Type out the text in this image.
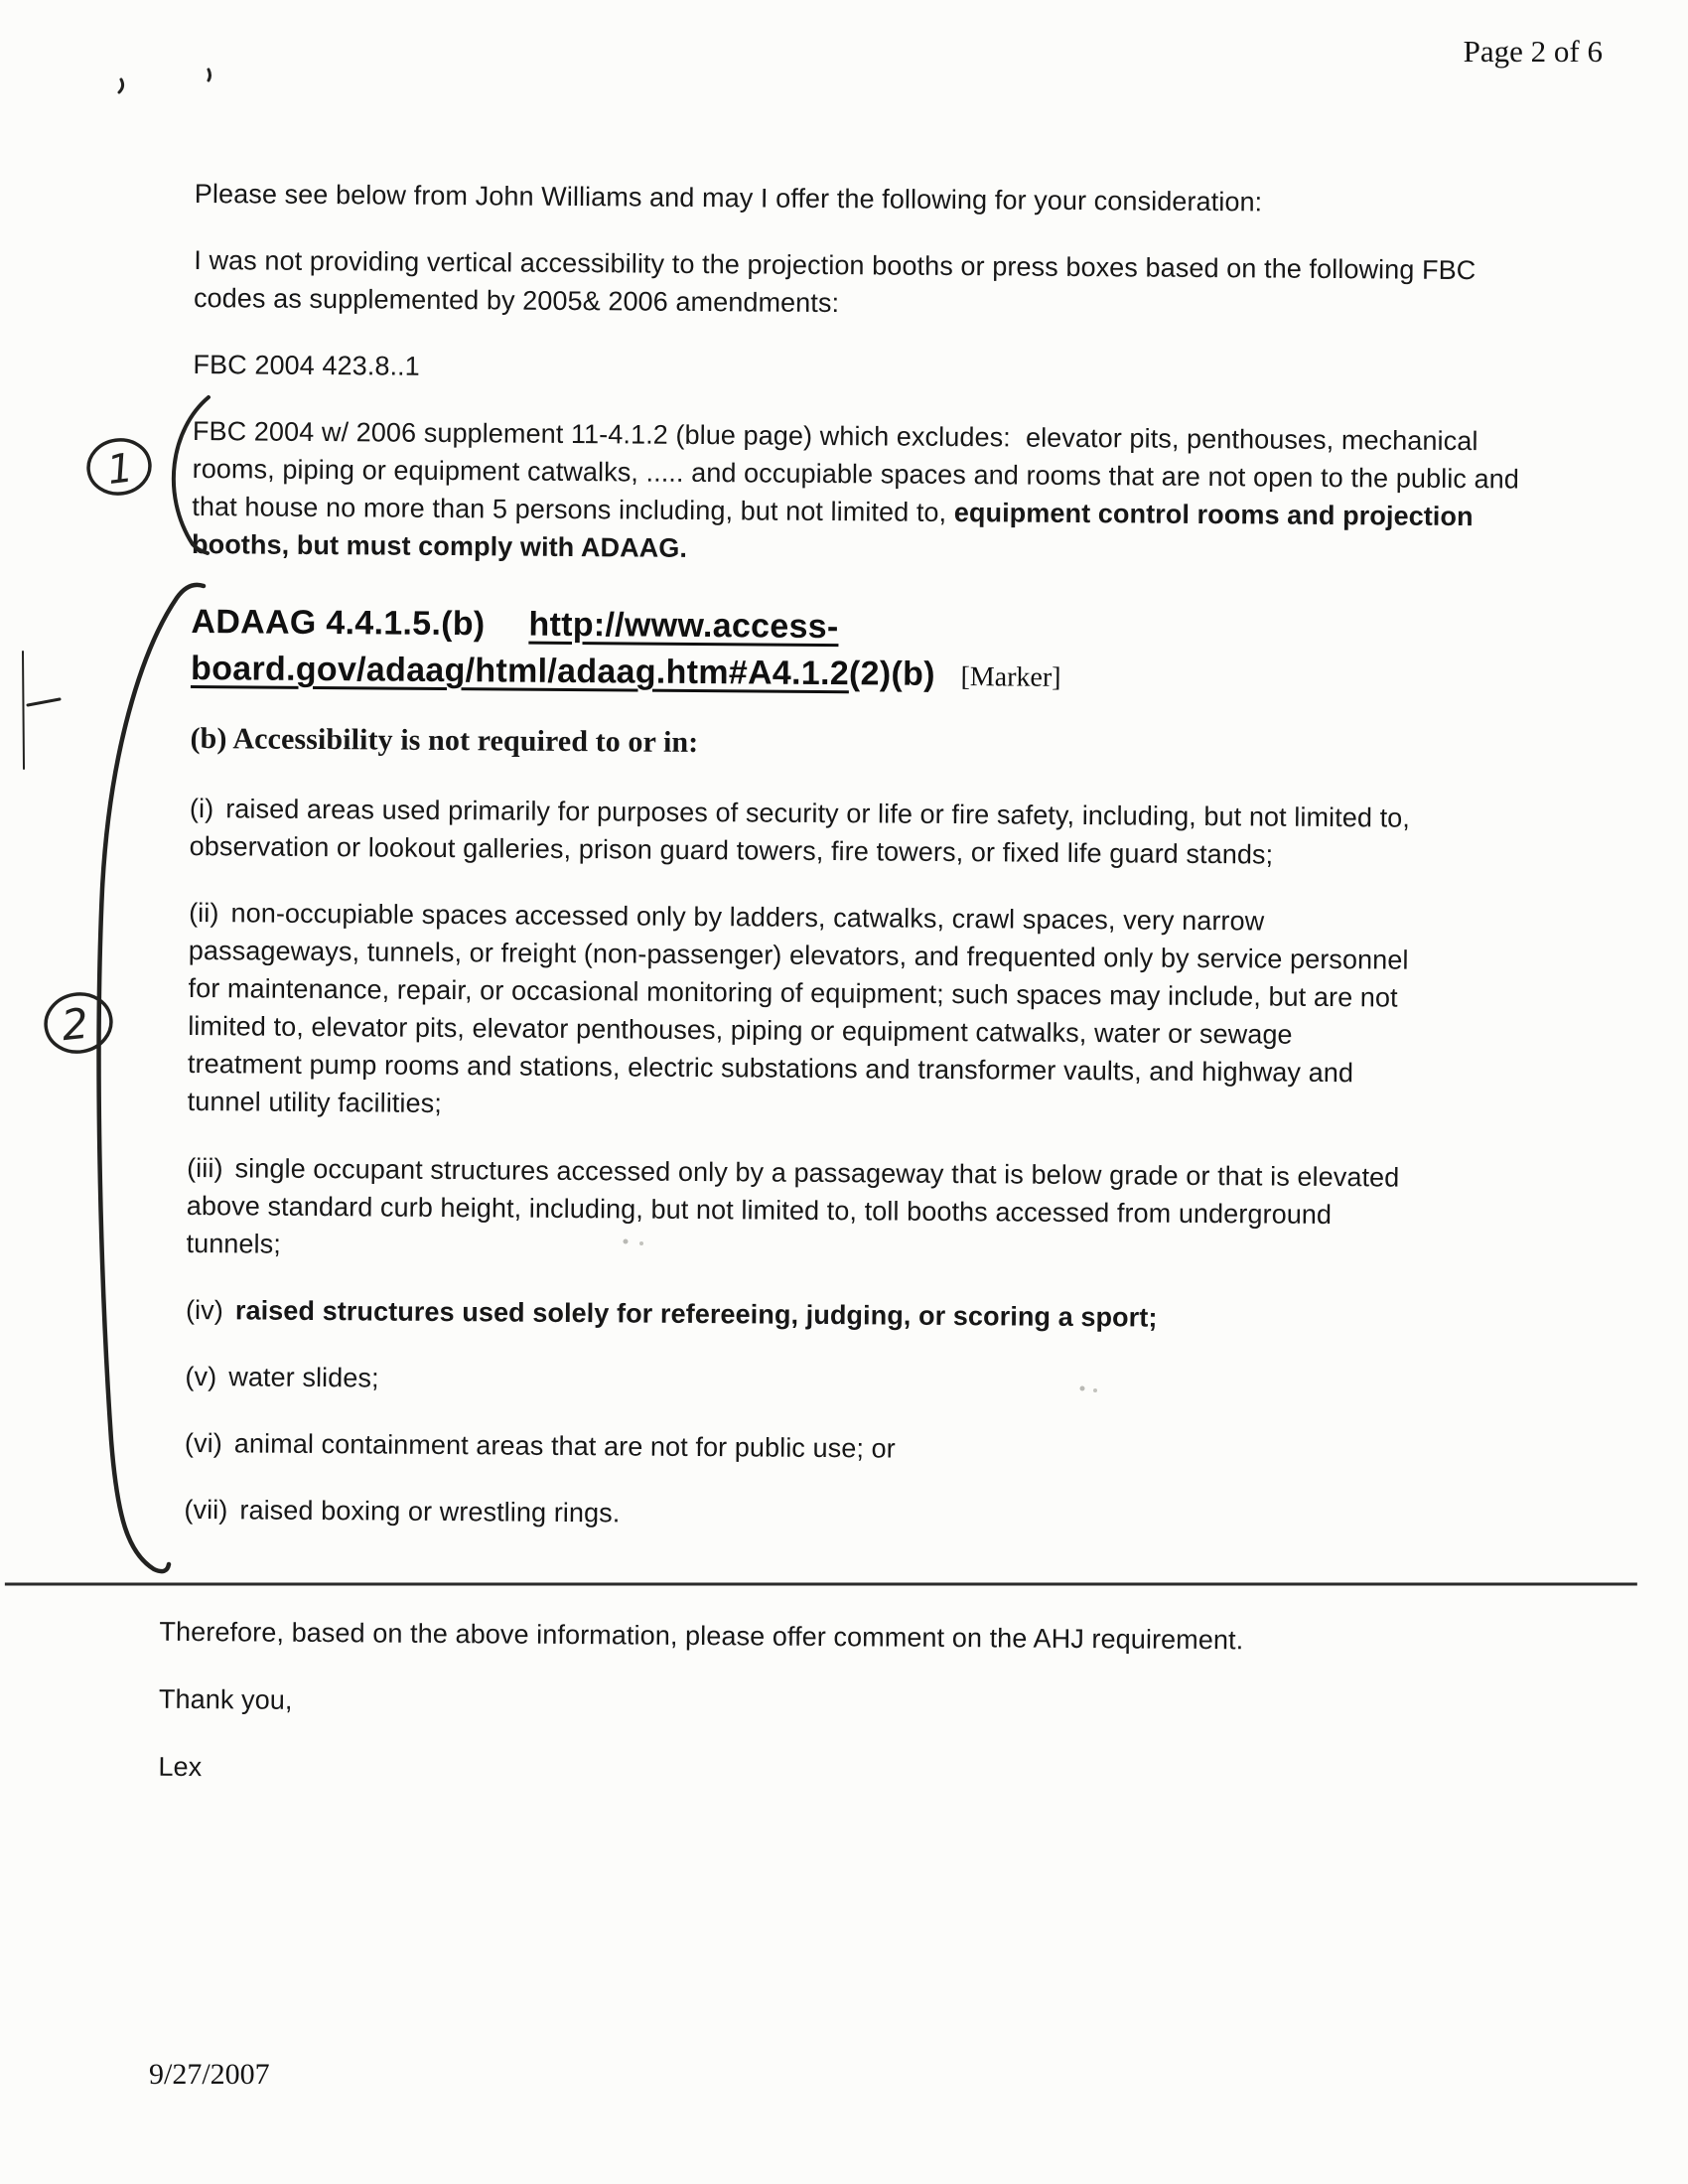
Page 2 of 6

Please see below from John Williams and may I offer the following for your consideration:

I was not providing vertical accessibility to the projection booths or press boxes based on the following FBC codes as supplemented by 2005& 2006 amendments:

FBC 2004 423.8..1

FBC 2004 w/ 2006 supplement 11-4.1.2 (blue page) which excludes:  elevator pits, penthouses, mechanical rooms, piping or equipment catwalks, ..... and occupiable spaces and rooms that are not open to the public and that house no more than 5 persons including, but not limited to, equipment control rooms and projection booths, but must comply with ADAAG.

ADAAG 4.4.1.5.(b) http://www.access-board.gov/adaag/html/adaag.htm#A4.1.2(2)(b) [Marker]

(b) Accessibility is not required to or in:

(i) raised areas used primarily for purposes of security or life or fire safety, including, but not limited to, observation or lookout galleries, prison guard towers, fire towers, or fixed life guard stands;

(ii) non-occupiable spaces accessed only by ladders, catwalks, crawl spaces, very narrow passageways, tunnels, or freight (non-passenger) elevators, and frequented only by service personnel for maintenance, repair, or occasional monitoring of equipment; such spaces may include, but are not limited to, elevator pits, elevator penthouses, piping or equipment catwalks, water or sewage treatment pump rooms and stations, electric substations and transformer vaults, and highway and tunnel utility facilities;

(iii) single occupant structures accessed only by a passageway that is below grade or that is elevated above standard curb height, including, but not limited to, toll booths accessed from underground tunnels;

(iv) raised structures used solely for refereeing, judging, or scoring a sport;

(v) water slides;

(vi) animal containment areas that are not for public use; or

(vii) raised boxing or wrestling rings.

Therefore, based on the above information, please offer comment on the AHJ requirement.

Thank you,

Lex

9/27/2007
1
2
